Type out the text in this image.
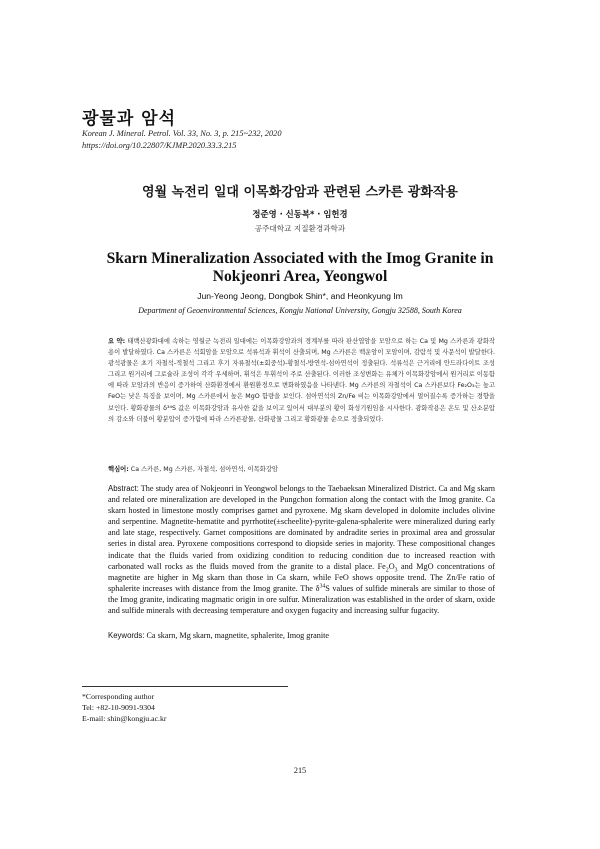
광물과 암석
Korean J. Mineral. Petrol. Vol. 33, No. 3, p. 215~232, 2020
https://doi.org/10.22807/KJMP.2020.33.3.215
영월 녹전리 일대 이목화강암과 관련된 스카른 광화작용
정준영 · 신동복* · 임헌경
공주대학교 지질환경과학과
Skarn Mineralization Associated with the Imog Granite in
Nokjeonri Area, Yeongwol
Jun-Yeong Jeong, Dongbok Shin*, and Heonkyung Im
Department of Geoenvironmental Sciences, Kongju National University, Gongju 32588, South Korea
요 약: 태백산광화대에 속하는 영월군 녹전리 일대에는 이목화강암과의 경계부를 따라 판산엽암을 모암으로 하는 Ca 및 Mg 스카른과 광화작용이 발달하였다. Ca 스카른은 석회암을 모암으로 석류석과 휘석이 산출되며, Mg 스카른은 백운암이 모암이며, 감람석 및 사문석이 발달한다. 광석광물은 초기 자철석-적철석 그리고 후기 자류철석(±회중석)-황철석-방연석-섬아연석이 정출된다. 석류석은 근거리에 안드라다이트 조성 그리고 원거리에 그로슐라 조성이 각각 우세하며, 휘석은 투휘석이 주로 산출된다. 이러한 조성변화는 유체가 이목화강암에서 원거리로 이동함에 따라 모암과의 반응이 증가하여 산화환경에서 환원환경으로 변화하였음을 나타낸다. Mg 스카른의 자철석이 Ca 스카른보다 Fe₂O₃는 높고 FeO는 낮은 특징을 보이며, Mg 스카른에서 높은 MgO 함량을 보인다. 섬아연석의 Zn/Fe 비는 이목화강암에서 멀어질수록 증가하는 경향을 보인다. 황화광물의 δ³⁴S 값은 이목화강암과 유사한 값을 보이고 있어서 대부분의 황이 화성기원임을 시사한다. 광화작용은 온도 및 산소분압의 감소와 더불어 황분압이 증가함에 따라 스카른광물, 산화광물 그리고 황화광물 순으로 정출되었다.
핵심어: Ca 스카른, Mg 스카른, 자철석, 섬아연석, 이목화강암
Abstract: The study area of Nokjeonri in Yeongwol belongs to the Taebaeksan Mineralized District. Ca and Mg skarn and related ore mineralization are developed in the Pungchon formation along the contact with the Imog granite. Ca skarn hosted in limestone mostly comprises garnet and pyroxene. Mg skarn developed in dolomite includes olivine and serpentine. Magnetite-hematite and pyrrhotite(±scheelite)-pyrite-galena-sphalerite were mineralized during early and late stage, respectively. Garnet compositions are dominated by andradite series in proximal area and grossular series in distal area. Pyroxene compositions correspond to diopside series in majority. These compositional changes indicate that the fluids varied from oxidizing condition to reducing condition due to increased reaction with carbonated wall rocks as the fluids moved from the granite to a distal place. $Fe_2O_3$ and MgO concentrations of magnetite are higher in Mg skarn than those in Ca skarn, while FeO shows opposite trend. The Zn/Fe ratio of sphalerite increases with distance from the Imog granite. The $\delta^{34}S$ values of sulfide minerals are similar to those of the Imog granite, indicating magmatic origin in ore sulfur. Mineralization was established in the order of skarn, oxide and sulfide minerals with decreasing temperature and oxygen fugacity and increasing sulfur fugacity.
Keywords: Ca skarn, Mg skarn, magnetite, sphalerite, Imog granite
*Corresponding author
Tel: +82-10-9091-9304
E-mail: shin@kongju.ac.kr
215
